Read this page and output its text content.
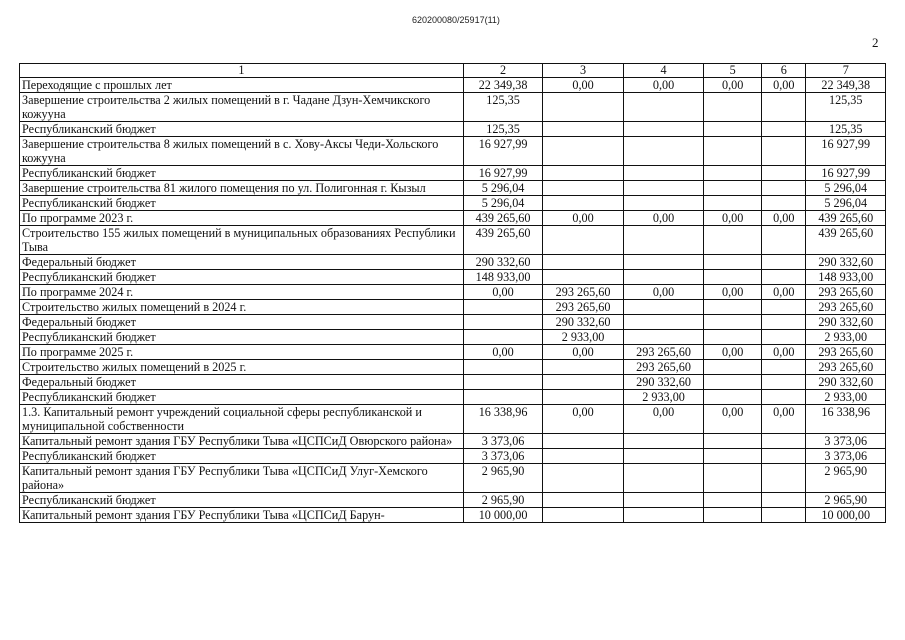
620200080/25917(11)
2
1	2	3	4	5	6	7
Переходящие с прошлых лет	22 349,38	0,00	0,00	0,00	0,00	22 349,38
Завершение строительства 2 жилых помещений в г. Чадане Дзун-Хемчикского кожууна	125,35					125,35
Республиканский бюджет	125,35					125,35
Завершение строительства 8 жилых помещений в с. Хову-Аксы Чеди-Хольского кожууна	16 927,99					16 927,99
Республиканский бюджет	16 927,99					16 927,99
Завершение строительства 81 жилого помещения по ул. Полигонная г. Кызыл	5 296,04					5 296,04
Республиканский бюджет	5 296,04					5 296,04
По программе 2023 г.	439 265,60	0,00	0,00	0,00	0,00	439 265,60
Строительство 155 жилых помещений в муниципальных образованиях Республики Тыва	439 265,60					439 265,60
Федеральный бюджет	290 332,60					290 332,60
Республиканский бюджет	148 933,00					148 933,00
По программе 2024 г.	0,00	293 265,60	0,00	0,00	0,00	293 265,60
Строительство жилых помещений в 2024 г.		293 265,60				293 265,60
Федеральный бюджет		290 332,60				290 332,60
Республиканский бюджет		2 933,00				2 933,00
По программе 2025 г.	0,00	0,00	293 265,60	0,00	0,00	293 265,60
Строительство жилых помещений в 2025 г.			293 265,60			293 265,60
Федеральный бюджет			290 332,60			290 332,60
Республиканский бюджет			2 933,00			2 933,00
1.3. Капитальный ремонт учреждений социальной сферы республиканской и муниципальной собственности	16 338,96	0,00	0,00	0,00	0,00	16 338,96
Капитальный ремонт здания ГБУ Республики Тыва «ЦСПСиД Овюрского района»	3 373,06					3 373,06
Республиканский бюджет	3 373,06					3 373,06
Капитальный ремонт здания ГБУ Республики Тыва «ЦСПСиД Улуг-Хемского района»	2 965,90					2 965,90
Республиканский бюджет	2 965,90					2 965,90
Капитальный ремонт здания ГБУ Республики Тыва «ЦСПСиД Барун-	10 000,00					10 000,00
